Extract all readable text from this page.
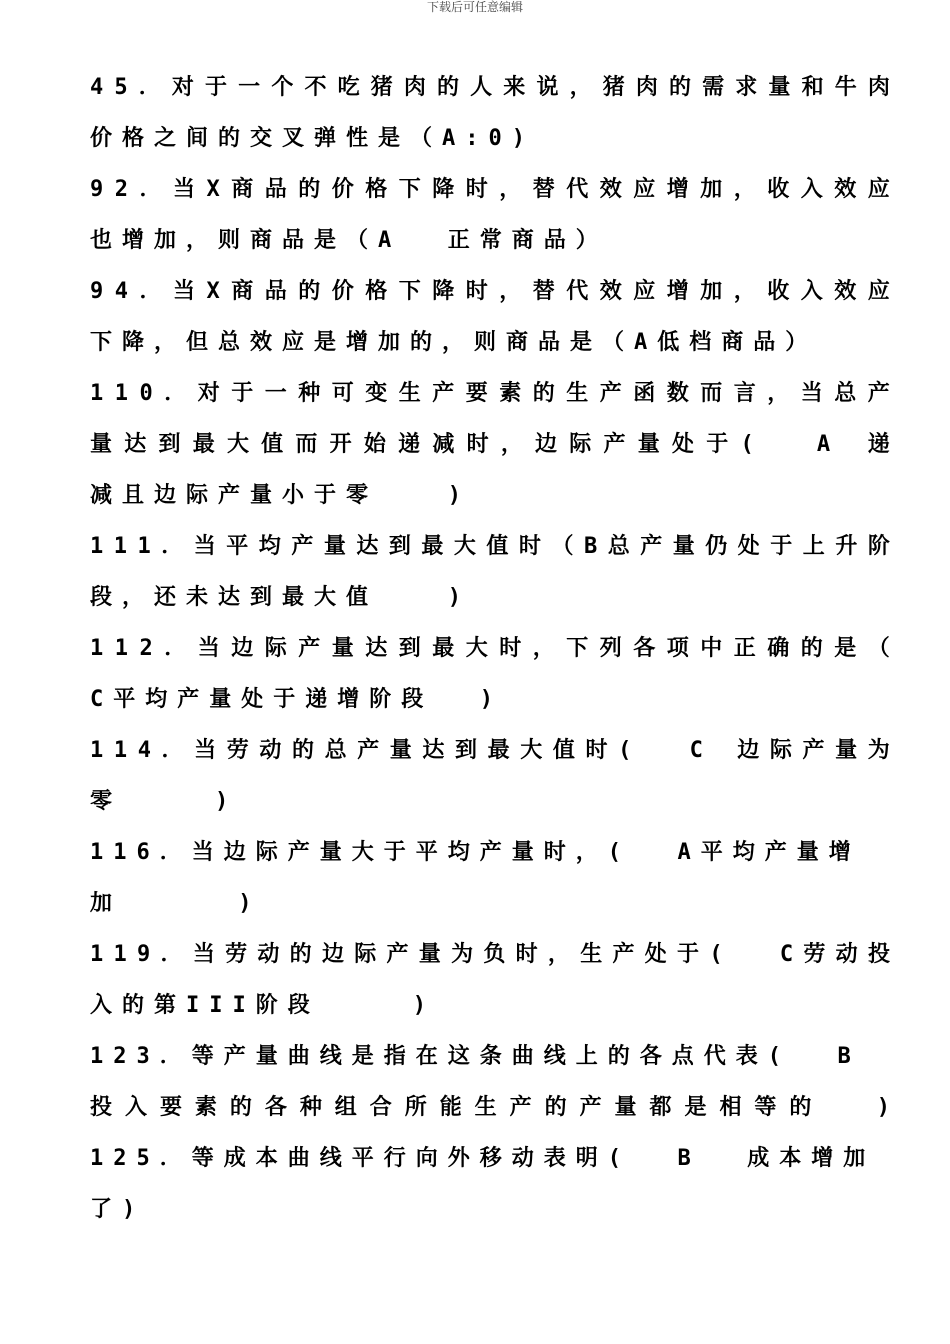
下载后可任意编辑
4 5 ． 对 于 一 个 不 吃 猪 肉 的 人 来 说 ， 猪 肉 的 需 求 量 和 牛 肉
价格之间的交叉弹性是（A:0)
9 2 ． 当 X 商 品 的 价 格 下 降 时 ， 替 代 效 应 增 加 ， 收 入 效 应
也增加，则商品是（A  正常商品）
9 4 ． 当 X 商 品 的 价 格 下 降 时 ， 替 代 效 应 增 加 ， 收 入 效 应
下降，但总效应是增加的，则商品是（A低档商品）
1 1 0 ． 对 于 一 种 可 变 生 产 要 素 的 生 产 函 数 而 言 ， 当 总 产
量 达 到 最 大 值 而 开 始 递 减 时 ， 边 际 产 量 处 于 (

	A
递
减且边际产量小于零   )
1 1 1 ． 当 平 均 产 量 达 到 最 大 值 时 （ B 总 产 量 仍 处 于 上 升 阶
段，还未达到最大值   )
1 1 2 ． 当 边 际 产 量 达 到 最 大 时 ， 下 列 各 项 中 正 确 的 是 （
C平均产量处于递增阶段  )
1 1 4 ． 当 劳 动 的 总 产 量 达 到 最 大 值 时 (

	C
边 际 产 量 为
零    )
116．当边际产量大于平均产量时，(  A平均产量增
加     )
1 1 9 ． 当 劳 动 的 边 际 产 量 为 负 时 ， 生 产 处 于 (

	C 劳 动 投
入的第III阶段    )
123．等产量曲线是指在这条曲线上的各点代表(  B
投 入 要 素 的 各 种 组 合 所 能 生 产 的 产 量 都 是 相 等 的

	)
125．等成本曲线平行向外移动表明(  B  成本增加
了)
